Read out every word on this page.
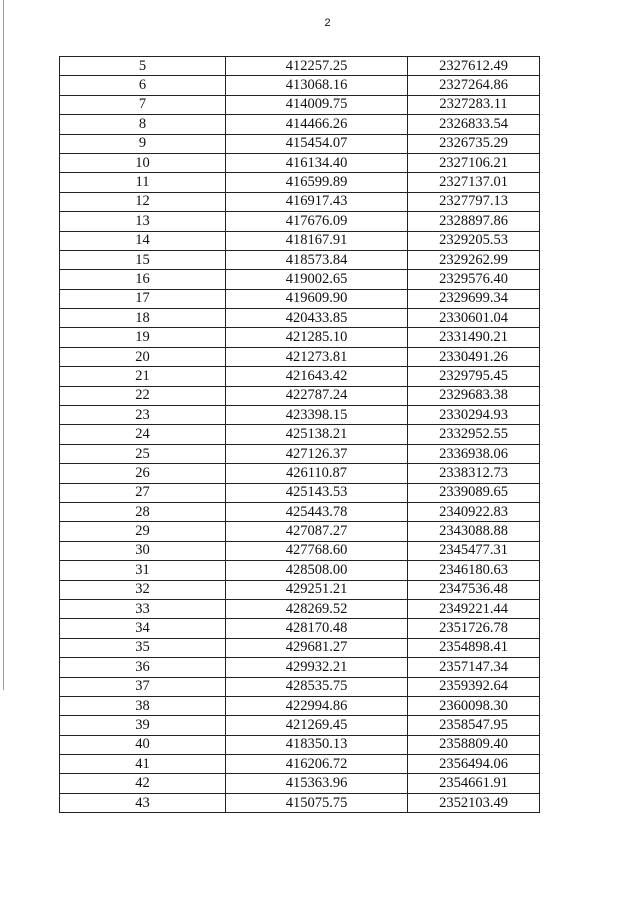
2
5	412257.25	2327612.49
6	413068.16	2327264.86
7	414009.75	2327283.11
8	414466.26	2326833.54
9	415454.07	2326735.29
10	416134.40	2327106.21
11	416599.89	2327137.01
12	416917.43	2327797.13
13	417676.09	2328897.86
14	418167.91	2329205.53
15	418573.84	2329262.99
16	419002.65	2329576.40
17	419609.90	2329699.34
18	420433.85	2330601.04
19	421285.10	2331490.21
20	421273.81	2330491.26
21	421643.42	2329795.45
22	422787.24	2329683.38
23	423398.15	2330294.93
24	425138.21	2332952.55
25	427126.37	2336938.06
26	426110.87	2338312.73
27	425143.53	2339089.65
28	425443.78	2340922.83
29	427087.27	2343088.88
30	427768.60	2345477.31
31	428508.00	2346180.63
32	429251.21	2347536.48
33	428269.52	2349221.44
34	428170.48	2351726.78
35	429681.27	2354898.41
36	429932.21	2357147.34
37	428535.75	2359392.64
38	422994.86	2360098.30
39	421269.45	2358547.95
40	418350.13	2358809.40
41	416206.72	2356494.06
42	415363.96	2354661.91
43	415075.75	2352103.49
